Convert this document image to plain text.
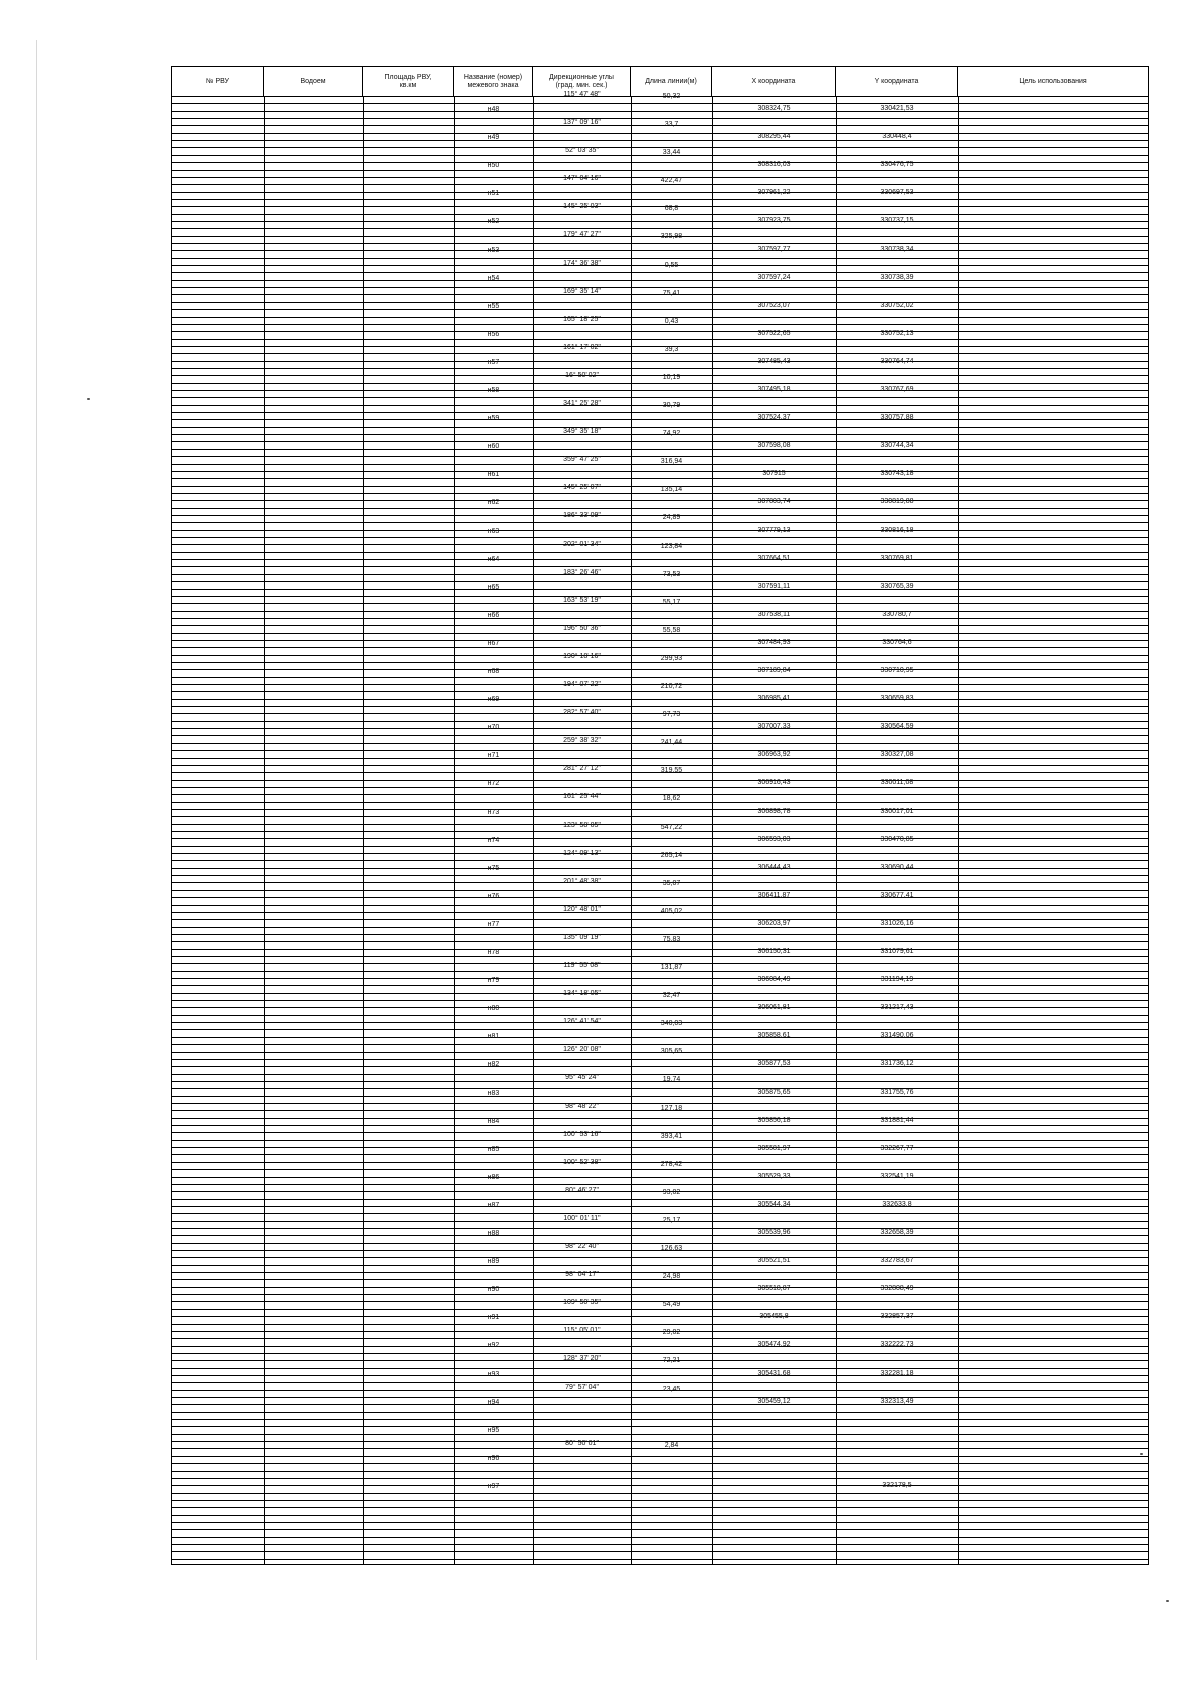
№ РВУ	Водоем
Площадь РВУ,
кв.км
Название (номер)
межевого знака
Дирекционные углы
(град. мин. сек.)
Длина линии(м)	X координата	Y координата	Цель использования
115° 47' 48"	50,32
н48	308324,75	330421,53
137° 09' 16"	33,7
н49	308295,44	330448,4
52° 03' 35"	33,44
н50	308316,03	330476,75
147° 04' 16"	422,47
н51	307961,22	330697,53
145° 25' 03"	68,8
н52	307923,75	330737,15
179° 47' 27"	325,98
н53	307597,77	330738,34
174° 36' 38"	0,55
н54	307597,24	330738,39
169° 35' 14"	75,41
н55	307523,07	330752,02
165° 18' 25"	0,43
н56	307522,65	330752,13
161° 17' 02"	39,3
н57	307485,43	330764,74
16° 50' 02"	10,19
н58	307495,18	330767,69
341° 25' 28"	30,79
н59	307524,37	330757,88
349° 35' 18"	74,92
н60	307598,08	330744,34
359° 47' 25"	316,94
н61	307915	330743,18
145° 25' 07"	135,14
н62	307803,74	330819,88
186° 33' 09"	24,89
н63	307779,13	330816,18
202° 01' 34"	123,84
н64	307664,51	330769,81
183° 26' 46"	73,53
н65	307591,11	330765,39
163° 53' 19"	55,17
н66	307538,11	330780,7
196° 50' 36"	55,58
н67	307484,93	330764,6
190° 18' 16"	299,93
н68	307189,84	330710,95
194° 07' 22"	210,72
н69	306985,41	330659,83
282° 57' 40"	97,73
н70	307007,33	330564,59
259° 38' 32"	241,44
н71	306963,92	330327,08
281° 27' 12"	319,55
н72	306916,43	330011,08
161° 25' 44"	18,62
н73	306898,78	330017,01
123° 58' 05"	547,22
н74	306593,03	330470,85
124° 09' 13"	265,14
н75	306444,43	330690,44
201° 48' 38"	35,07
н76	306411,87	330677,41
120° 48' 01"	405,02
н77	306203,97	331026,16
135° 09' 19"	75,83
н78	306150,31	331079,61
119° 55' 08"	131,87
н79	306084,49	331194,19
134° 18' 05"	32,47
н80	306061,81	331217,43
126° 41' 54"	340,03
н81	305858,61	331490,06
126° 20' 08"	305,65
н82	305877,53	331736,12
95° 45' 24"	19,74
н83	305875,65	331755,76
98° 48' 22"	127,18
н84	305856,18	331881,44
100° 53' 16"	393,41
н85	305581,97	332267,77
100° 52' 38"	278,42
н86	305529,33	332541,19
80° 46' 27"	93,02
н87	305544,34	332633,8
100° 01' 11"	25,17
н88	305539,96	332658,39
98° 22' 40"	126,63
н89	305521,51	332783,67
98° 04' 17"	24,98
н90	305518,87	332808,49
109° 50' 35"	54,49
н91	305455,8	332857,37
115° 05' 01"	29,02
н92	305474,92	332222,73
128° 37' 20"	72,21
н93	305431,68	332281,18
79° 57' 04"	23,45
н94	305459,12	332313,49
н95
80° 50' 01"	2,84
н96
н97	332178,5
